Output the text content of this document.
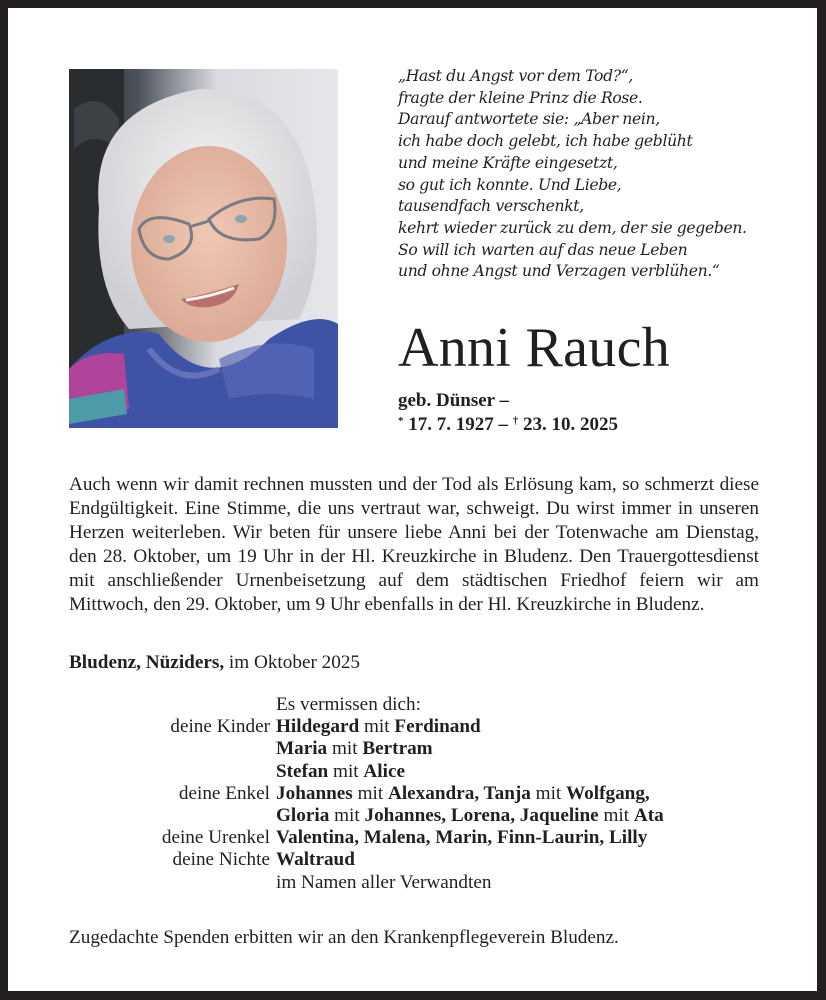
„Hast du Angst vor dem Tod?“,
fragte der kleine Prinz die Rose.
Darauf antwortete sie: „Aber nein,
ich habe doch gelebt, ich habe geblüht
und meine Kräfte eingesetzt,
so gut ich konnte. Und Liebe,
tausendfach verschenkt,
kehrt wieder zurück zu dem, der sie gegeben.
So will ich warten auf das neue Leben
und ohne Angst und Verzagen verblühen.“
Anni Rauch
geb. Dünser –
* 17. 7. 1927 – † 23. 10. 2025

Auch wenn wir damit rechnen mussten und der Tod als Erlösung kam, so schmerzt diese Endgültigkeit. Eine Stimme, die uns vertraut war, schweigt. Du wirst immer in unseren Herzen weiterleben. Wir beten für unsere liebe Anni bei der Totenwache am Dienstag, den 28. Oktober, um 19 Uhr in der Hl. Kreuzkirche in Bludenz. Den Trauergottesdienst mit anschließender Urnenbeisetzung auf dem städtischen Friedhof feiern wir am Mittwoch, den 29. Oktober, um 9 Uhr ebenfalls in der Hl. Kreuzkirche in Bludenz.

Bludenz, Nüziders, im Oktober 2025
Es vermissen dich:
deine Kinder Hildegard mit Ferdinand
Maria mit Bertram
Stefan mit Alice
deine Enkel Johannes mit Alexandra, Tanja mit Wolfgang,
Gloria mit Johannes, Lorena, Jaqueline mit Ata
deine Urenkel Valentina, Malena, Marin, Finn-Laurin, Lilly
deine Nichte Waltraud
im Namen aller Verwandten
Zugedachte Spenden erbitten wir an den Krankenpflegeverein Bludenz.
